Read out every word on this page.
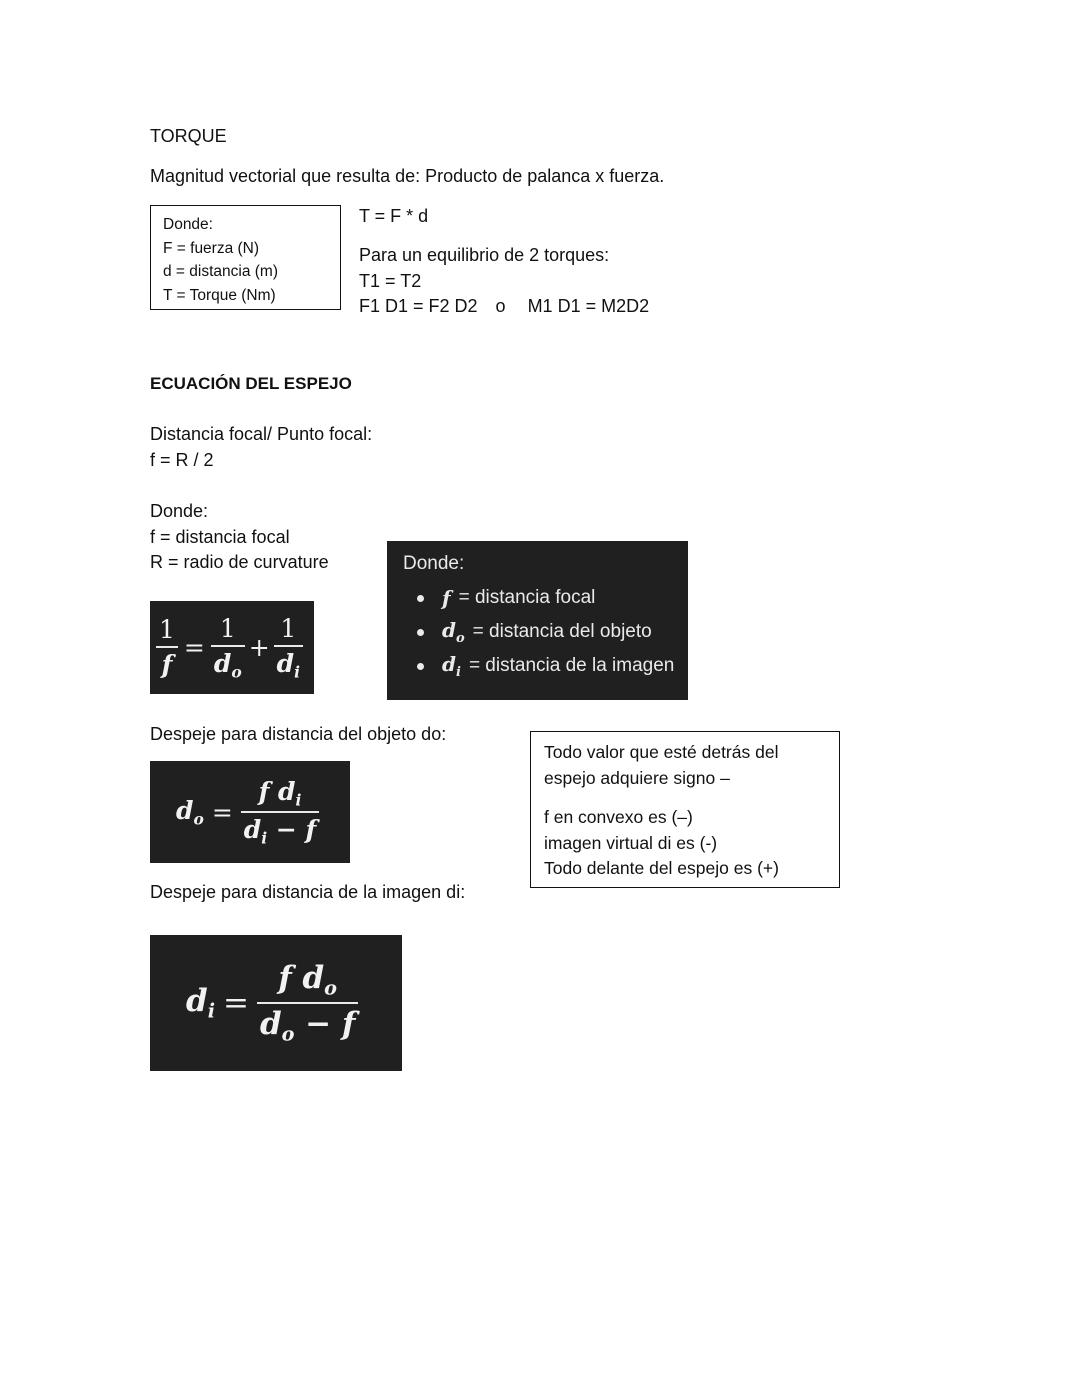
TORQUE
Magnitud vectorial que resulta de: Producto de palanca x fuerza.
Donde:
F = fuerza (N)
d = distancia (m)
T = Torque (Nm)
T = F * d
Para un equilibrio de 2 torques:
T1 = T2
F1 D1 = F2 D2 o M1 D1 = M2D2
ECUACIÓN DEL ESPEJO
Distancia focal/ Punto focal:
f = R / 2
Donde:
f = distancia focal
R = radio de curvature
$\frac{1}{f} = \frac{1}{d_o} + \frac{1}{d_i}$
Donde:
f = distancia focal
$d_o$ = distancia del objeto
$d_i$ = distancia de la imagen
Despeje para distancia del objeto do:
$d_o = \frac{f d_i}{d_i - f}$
Despeje para distancia de la imagen di:
$d_i = \frac{f d_o}{d_o - f}$
Todo valor que esté detrás del
espejo adquiere signo –
f en convexo es (–)
imagen virtual di es (-)
Todo delante del espejo es (+)
